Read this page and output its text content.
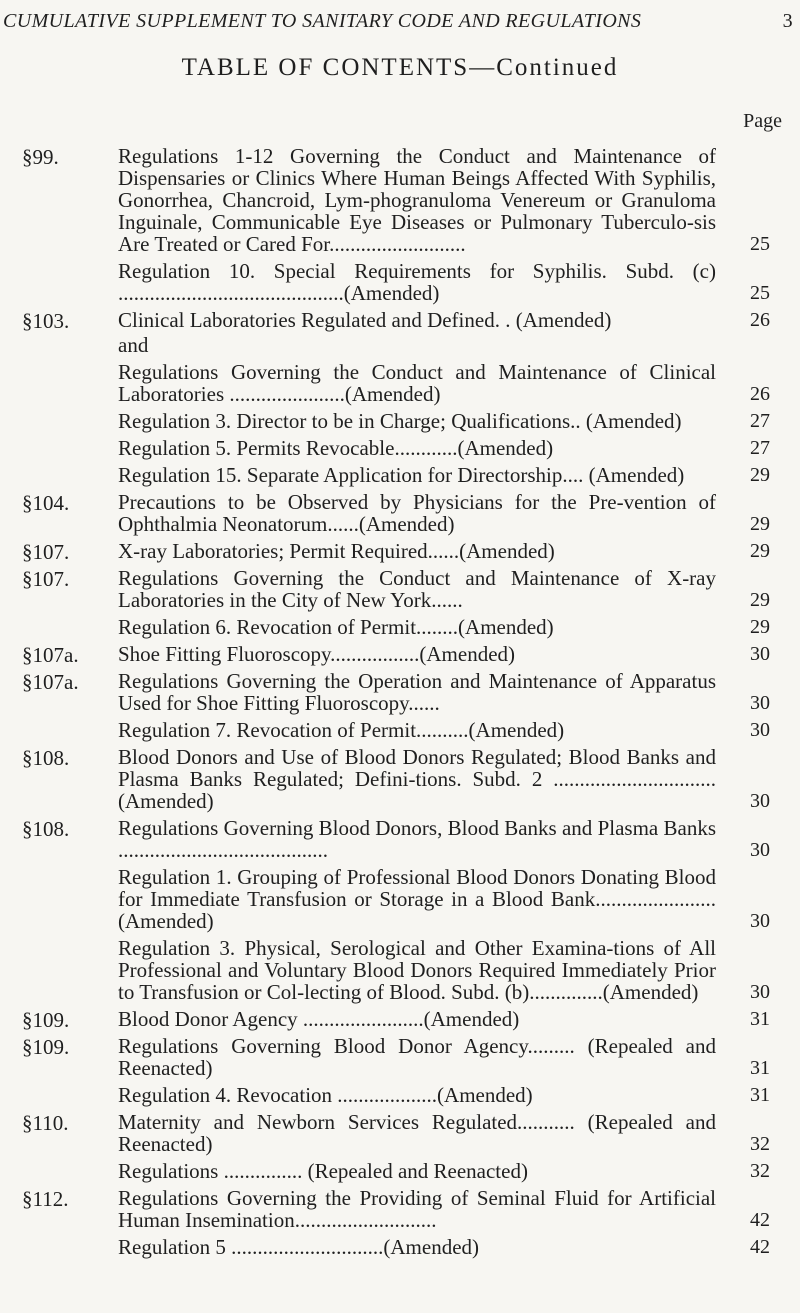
CUMULATIVE SUPPLEMENT TO SANITARY CODE AND REGULATIONS	3
TABLE OF CONTENTS—Continued
Page
§99.	Regulations 1-12 Governing the Conduct and Maintenance of Dispensaries or Clinics Where Human Beings Affected With Syphilis, Gonorrhea, Chancroid, Lym-phogranuloma Venereum or Granuloma Inguinale, Communicable Eye Diseases or Pulmonary Tuberculo-sis Are Treated or Cared For..........................	25
Regulation 10. Special Requirements for Syphilis. Subd. (c) ...........................................(Amended)	25
§103. Clinical Laboratories Regulated and Defined. . (Amended)	26
and
Regulations Governing the Conduct and Maintenance of Clinical Laboratories ......................(Amended)	26
Regulation 3. Director to be in Charge; Qualifications.. (Amended)	27
Regulation 5. Permits Revocable............(Amended)	27
Regulation 15. Separate Application for Directorship.... (Amended)	29
§104. Precautions to be Observed by Physicians for the Pre-vention of Ophthalmia Neonatorum......(Amended)	29
§107. X-ray Laboratories; Permit Required......(Amended)	29
§107. Regulations Governing the Conduct and Maintenance of X-ray Laboratories in the City of New York......	29
Regulation 6. Revocation of Permit........(Amended)	29
§107a. Shoe Fitting Fluoroscopy.................(Amended)	30
§107a. Regulations Governing the Operation and Maintenance of Apparatus Used for Shoe Fitting Fluoroscopy......	30
Regulation 7. Revocation of Permit..........(Amended)	30
§108. Blood Donors and Use of Blood Donors Regulated; Blood Banks and Plasma Banks Regulated; Defini-tions. Subd. 2 ...............................(Amended)	30
§108. Regulations Governing Blood Donors, Blood Banks and Plasma Banks ........................................	30
Regulation 1. Grouping of Professional Blood Donors Donating Blood for Immediate Transfusion or Storage in a Blood Bank.......................(Amended)	30
Regulation 3. Physical, Serological and Other Examina-tions of All Professional and Voluntary Blood Donors Required Immediately Prior to Transfusion or Col-lecting of Blood. Subd. (b)..............(Amended)	30
§109. Blood Donor Agency .......................(Amended)	31
§109. Regulations Governing Blood Donor Agency......... (Repealed and Reenacted)	31
Regulation 4. Revocation ...................(Amended)	31
§110. Maternity and Newborn Services Regulated........... (Repealed and Reenacted)	32
Regulations ............... (Repealed and Reenacted)	32
§112. Regulations Governing the Providing of Seminal Fluid for Artificial Human Insemination...........................	42
Regulation 5 .............................(Amended)	42
